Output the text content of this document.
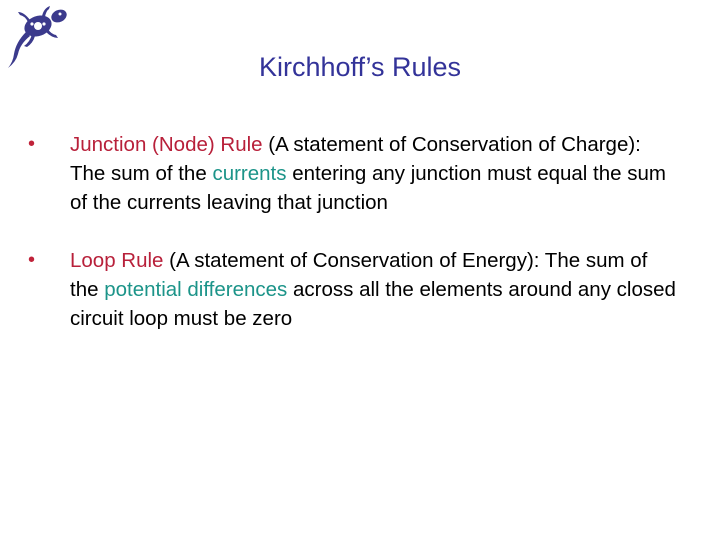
Kirchhoff’s Rules
•	Junction (Node) Rule (A statement of Conservation of Charge): The sum of the currents entering any junction must equal the sum of the currents leaving that junction
•	Loop Rule (A statement of Conservation of Energy): The sum of the potential differences across all the elements around any closed circuit loop must be zero
